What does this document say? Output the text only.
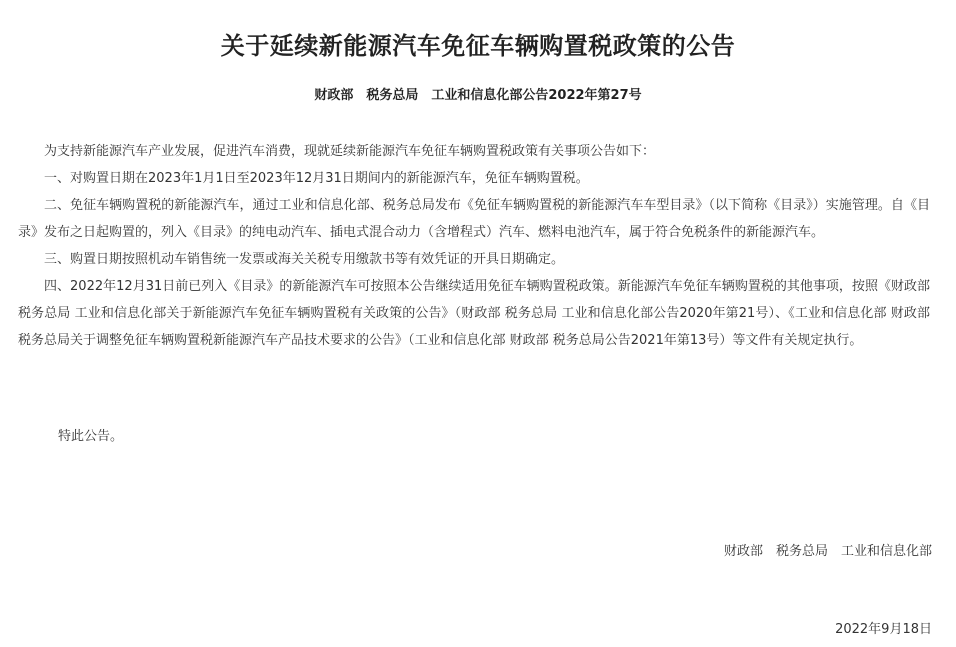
关于延续新能源汽车免征车辆购置税政策的公告
财政部　税务总局　工业和信息化部公告2022年第27号

为支持新能源汽车产业发展，促进汽车消费，现就延续新能源汽车免征车辆购置税政策有关事项公告如下：

一、对购置日期在2023年1月1日至2023年12月31日期间内的新能源汽车，免征车辆购置税。

二、免征车辆购置税的新能源汽车，通过工业和信息化部、税务总局发布《免征车辆购置税的新能源汽车车型目录》（以下简称《目录》）实施管理。自《目录》发布之日起购置的，列入《目录》的纯电动汽车、插电式混合动力（含增程式）汽车、燃料电池汽车，属于符合免税条件的新能源汽车。

三、购置日期按照机动车销售统一发票或海关关税专用缴款书等有效凭证的开具日期确定。

四、2022年12月31日前已列入《目录》的新能源汽车可按照本公告继续适用免征车辆购置税政策。新能源汽车免征车辆购置税的其他事项，按照《财政部 税务总局 工业和信息化部关于新能源汽车免征车辆购置税有关政策的公告》（财政部 税务总局 工业和信息化部公告2020年第21号）、《工业和信息化部 财政部 税务总局关于调整免征车辆购置税新能源汽车产品技术要求的公告》（工业和信息化部 财政部 税务总局公告2021年第13号）等文件有关规定执行。

特此公告。
财政部　税务总局　工业和信息化部
2022年9月18日
